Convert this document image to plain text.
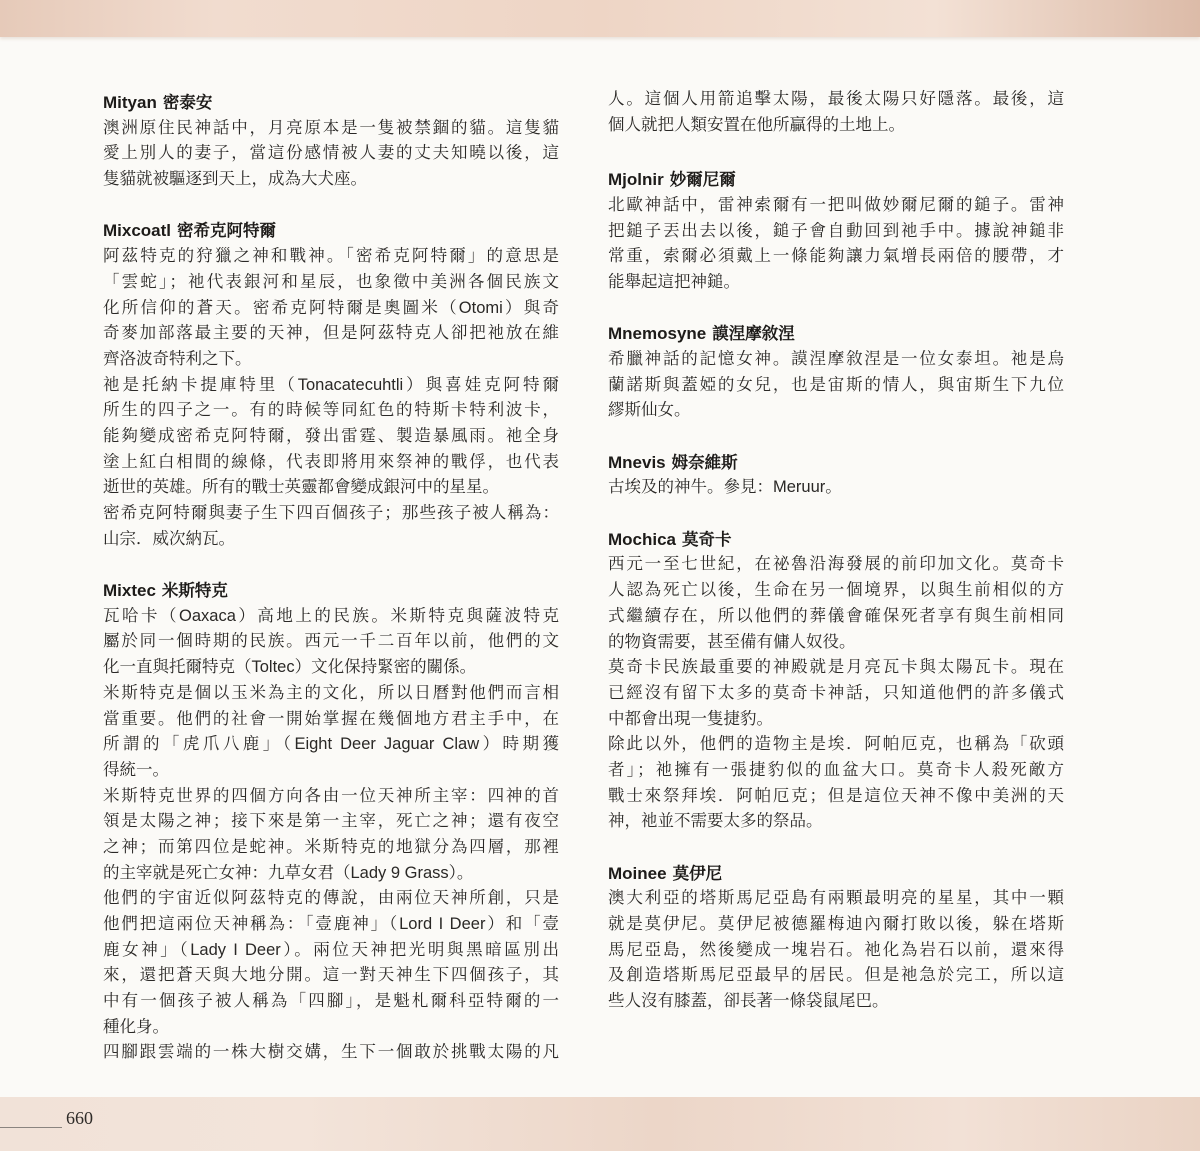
660
Mityan 密泰安
澳洲原住民神話中，月亮原本是一隻被禁錮的貓。這隻貓
愛上別人的妻子，當這份感情被人妻的丈夫知曉以後，這
隻貓就被驅逐到天上，成為大犬座。
Mixcoatl 密希克阿特爾
阿茲特克的狩獵之神和戰神。「密希克阿特爾」的意思是
「雲蛇」；祂代表銀河和星辰，也象徵中美洲各個民族文
化所信仰的蒼天。密希克阿特爾是奧圖米（Otomi）與奇
奇麥加部落最主要的天神，但是阿茲特克人卻把祂放在維
齊洛波奇特利之下。
祂是托納卡提庫特里（Tonacatecuhtli）與喜娃克阿特爾
所生的四子之一。有的時候等同紅色的特斯卡特利波卡，
能夠變成密希克阿特爾，發出雷霆、製造暴風雨。祂全身
塗上紅白相間的線條，代表即將用來祭神的戰俘，也代表
逝世的英雄。所有的戰士英靈都會變成銀河中的星星。
密希克阿特爾與妻子生下四百個孩子；那些孩子被人稱為：
山宗．威次納瓦。
Mixtec 米斯特克
瓦哈卡（Oaxaca）高地上的民族。米斯特克與薩波特克
屬於同一個時期的民族。西元一千二百年以前，他們的文
化一直與托爾特克（Toltec）文化保持緊密的關係。
米斯特克是個以玉米為主的文化，所以日曆對他們而言相
當重要。他們的社會一開始掌握在幾個地方君主手中，在
所謂的「虎爪八鹿」（Eight Deer Jaguar Claw）時期獲
得統一。
米斯特克世界的四個方向各由一位天神所主宰：四神的首
領是太陽之神；接下來是第一主宰，死亡之神；還有夜空
之神；而第四位是蛇神。米斯特克的地獄分為四層，那裡
的主宰就是死亡女神：九草女君（Lady 9 Grass）。
他們的宇宙近似阿茲特克的傳說，由兩位天神所創，只是
他們把這兩位天神稱為：「壹鹿神」（Lord I Deer）和「壹
鹿女神」（Lady I Deer）。兩位天神把光明與黑暗區別出
來，還把蒼天與大地分開。這一對天神生下四個孩子，其
中有一個孩子被人稱為「四腳」，是魁札爾科亞特爾的一
種化身。
四腳跟雲端的一株大樹交媾，生下一個敢於挑戰太陽的凡
人。這個人用箭追擊太陽，最後太陽只好隱落。最後，這
個人就把人類安置在他所贏得的土地上。
Mjolnir 妙爾尼爾
北歐神話中，雷神索爾有一把叫做妙爾尼爾的鎚子。雷神
把鎚子丟出去以後，鎚子會自動回到祂手中。據說神鎚非
常重，索爾必須戴上一條能夠讓力氣增長兩倍的腰帶，才
能舉起這把神鎚。
Mnemosyne 謨涅摩敘涅
希臘神話的記憶女神。謨涅摩敘涅是一位女泰坦。祂是烏
蘭諾斯與蓋婭的女兒，也是宙斯的情人，與宙斯生下九位
繆斯仙女。
Mnevis 姆奈維斯
古埃及的神牛。參見：Meruur。
Mochica 莫奇卡
西元一至七世紀，在祕魯沿海發展的前印加文化。莫奇卡
人認為死亡以後，生命在另一個境界，以與生前相似的方
式繼續存在，所以他們的葬儀會確保死者享有與生前相同
的物資需要，甚至備有傭人奴役。
莫奇卡民族最重要的神殿就是月亮瓦卡與太陽瓦卡。現在
已經沒有留下太多的莫奇卡神話，只知道他們的許多儀式
中都會出現一隻捷豹。
除此以外，他們的造物主是埃．阿帕厄克，也稱為「砍頭
者」；祂擁有一張捷豹似的血盆大口。莫奇卡人殺死敵方
戰士來祭拜埃．阿帕厄克；但是這位天神不像中美洲的天
神，祂並不需要太多的祭品。
Moinee 莫伊尼
澳大利亞的塔斯馬尼亞島有兩顆最明亮的星星，其中一顆
就是莫伊尼。莫伊尼被德羅梅迪內爾打敗以後，躲在塔斯
馬尼亞島，然後變成一塊岩石。祂化為岩石以前，還來得
及創造塔斯馬尼亞最早的居民。但是祂急於完工，所以這
些人沒有膝蓋，卻長著一條袋鼠尾巴。
